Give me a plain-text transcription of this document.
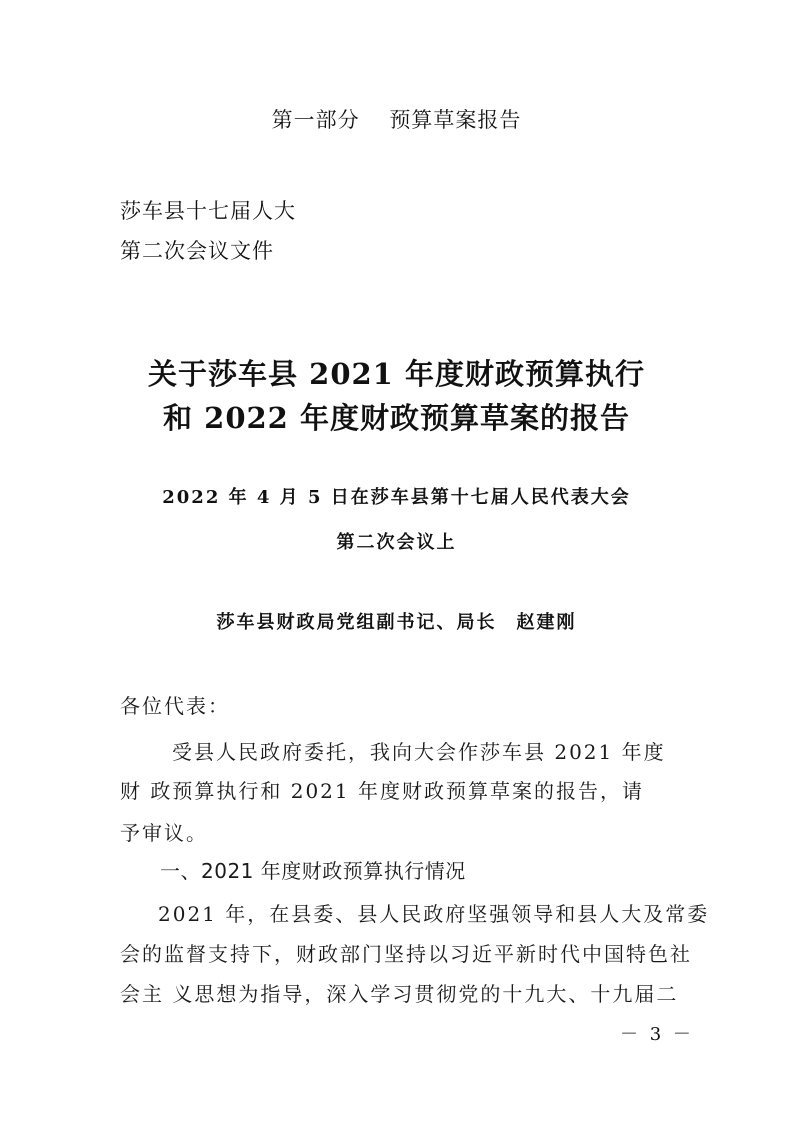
第一部分　 预算草案报告
莎车县十七届人大
第二次会议文件
关于莎车县 2021 年度财政预算执行
和 2022 年度财政预算草案的报告
2022 年 4 月 5 日在莎车县第十七届人民代表大会
第二次会议上
莎车县财政局党组副书记、局长　赵建刚
各位代表：
受县人民政府委托，我向大会作莎车县 2021 年度
财 政预算执行和 2021 年度财政预算草案的报告，请
予审议。
一、2021 年度财政预算执行情况
2021 年，在县委、县人民政府坚强领导和县人大及常委
会的监督支持下，财政部门坚持以习近平新时代中国特色社
会主 义思想为指导，深入学习贯彻党的十九大、十九届二
－ 3 －
